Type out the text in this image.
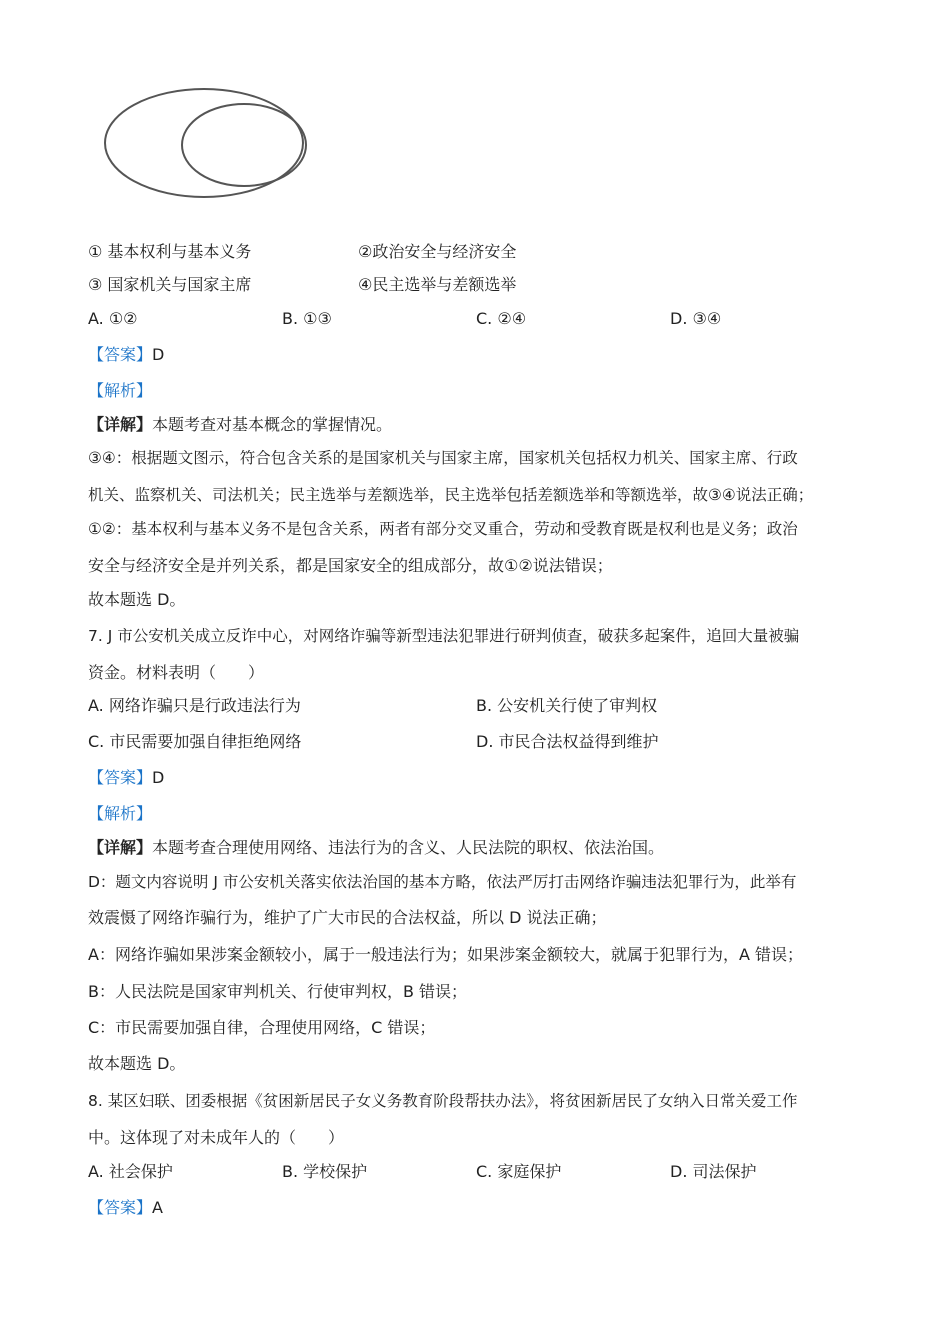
① 基本权利与基本义务	②政治安全与经济安全
③ 国家机关与国家主席	④民主选举与差额选举
A. ①②	B. ①③	C. ②④	D. ③④
【答案】D
【解析】
【详解】本题考查对基本概念的掌握情况。
③④：根据题文图示，符合包含关系的是国家机关与国家主席，国家机关包括权力机关、国家主席、行政
机关、监察机关、司法机关；民主选举与差额选举，民主选举包括差额选举和等额选举，故③④说法正确；
①②：基本权利与基本义务不是包含关系，两者有部分交叉重合，劳动和受教育既是权利也是义务；政治
安全与经济安全是并列关系，都是国家安全的组成部分，故①②说法错误；
故本题选 D。
7. J 市公安机关成立反诈中心，对网络诈骗等新型违法犯罪进行研判侦查，破获多起案件，追回大量被骗
资金。材料表明（　　）
A. 网络诈骗只是行政违法行为	B. 公安机关行使了审判权
C. 市民需要加强自律拒绝网络	D. 市民合法权益得到维护
【答案】D
【解析】
【详解】本题考查合理使用网络、违法行为的含义、人民法院的职权、依法治国。
D：题文内容说明 J 市公安机关落实依法治国的基本方略，依法严厉打击网络诈骗违法犯罪行为，此举有
效震慑了网络诈骗行为，维护了广大市民的合法权益，所以 D 说法正确；
A：网络诈骗如果涉案金额较小，属于一般违法行为；如果涉案金额较大，就属于犯罪行为，A 错误；
B：人民法院是国家审判机关、行使审判权，B 错误；
C：市民需要加强自律，合理使用网络，C 错误；
故本题选 D。
8. 某区妇联、团委根据《贫困新居民子女义务教育阶段帮扶办法》，将贫困新居民了女纳入日常关爱工作
中。这体现了对未成年人的（　　）
A. 社会保护	B. 学校保护	C. 家庭保护	D. 司法保护
【答案】A
